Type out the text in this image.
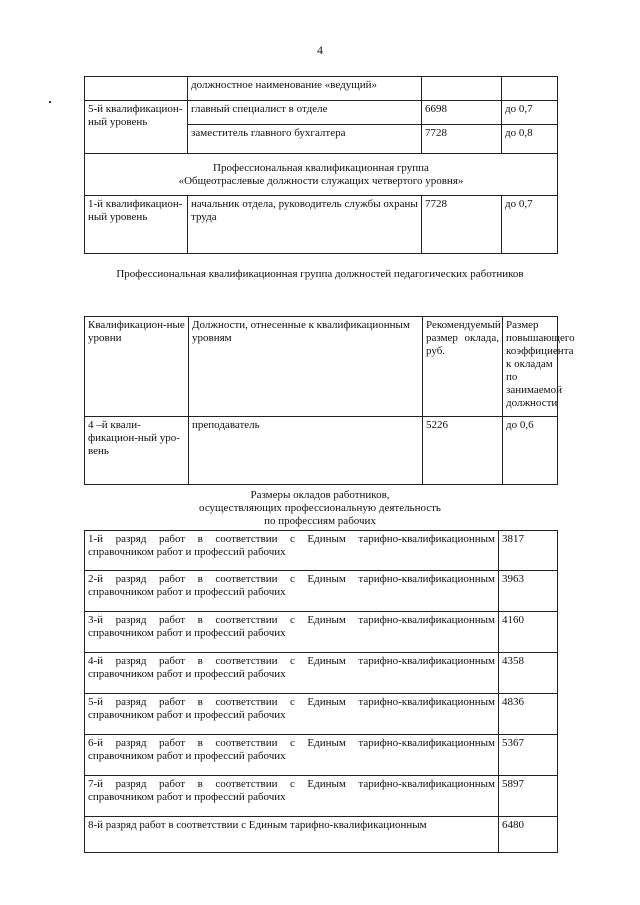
4
	должностное наименование «ведущий»		
5-й квалификацион-ный уровень	главный специалист в отделе	6698	до 0,7
	заместитель главного бухгалтера	7728	до 0,8

Профессиональная квалификационная группа
«Общеотраслевые должности служащих четвертого уровня»			

1-й квалификацион-ный уровень	начальник отдела, руководитель службы охраны труда	7728	до 0,7
Профессиональная квалификационная группа должностей педагогических работников
Квалификацион-ные уровни	Должности, отнесенные к квалификационным уровням	Рекомендуемый размер оклада, руб.	Размер повышающего коэффициента к окладам по занимаемой должности
4 –й квали-фикацион-ный уро-вень	преподаватель	5226	до 0,6
Размеры окладов работников,
осуществляющих профессиональную деятельность
по профессиям рабочих
1-й разряд работ в соответствии с Единым тарифно-квалификационным справочником работ и профессий рабочих	3817
2-й разряд работ в соответствии с Единым тарифно-квалификационным справочником работ и профессий рабочих	3963
3-й разряд работ в соответствии с Единым тарифно-квалификационным справочником работ и профессий рабочих	4160
4-й разряд работ в соответствии с Единым тарифно-квалификационным справочником работ и профессий рабочих	4358
5-й разряд работ в соответствии с Единым тарифно-квалификационным справочником работ и профессий рабочих	4836
6-й разряд работ в соответствии с Единым тарифно-квалификационным справочником работ и профессий рабочих	5367
7-й разряд работ в соответствии с Единым тарифно-квалификационным справочником работ и профессий рабочих	5897
8-й разряд работ в соответствии с Единым тарифно-квалификационным	6480
